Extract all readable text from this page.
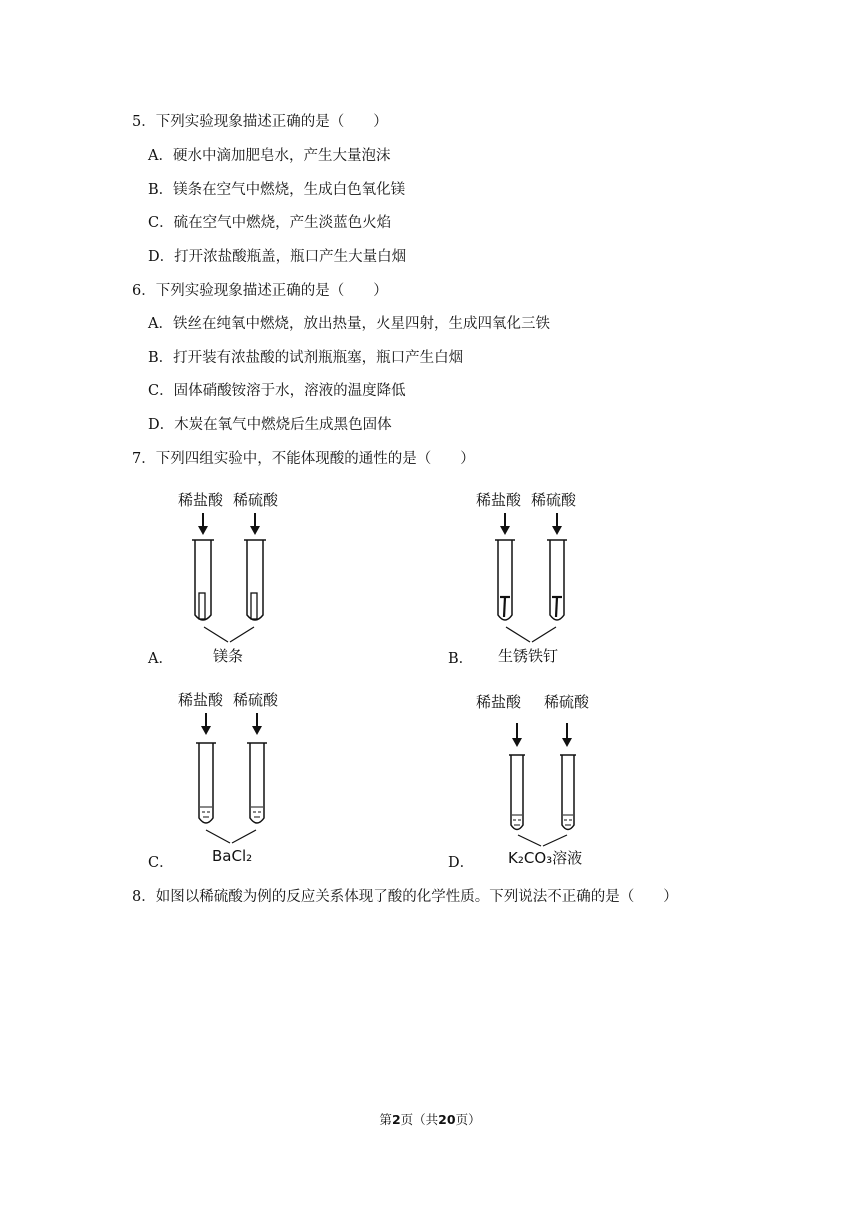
5．下列实验现象描述正确的是（　　）
A．硬水中滴加肥皂水，产生大量泡沫
B．镁条在空气中燃烧，生成白色氧化镁
C．硫在空气中燃烧，产生淡蓝色火焰
D．打开浓盐酸瓶盖，瓶口产生大量白烟
6．下列实验现象描述正确的是（　　）
A．铁丝在纯氧中燃烧，放出热量，火星四射，生成四氧化三铁
B．打开装有浓盐酸的试剂瓶瓶塞，瓶口产生白烟
C．固体硝酸铵溶于水，溶液的温度降低
D．木炭在氧气中燃烧后生成黑色固体
7．下列四组实验中，不能体现酸的通性的是（　　）
A．
稀盐酸 稀硫酸
镁条	B．
稀盐酸 稀硫酸
生锈铁钉
C．
稀盐酸 稀硫酸
BaCl₂	D．
稀盐酸 稀硫酸
K₂CO₃溶液
8．如图以稀硫酸为例的反应关系体现了酸的化学性质。下列说法不正确的是（　　）
第2页（共20页）
